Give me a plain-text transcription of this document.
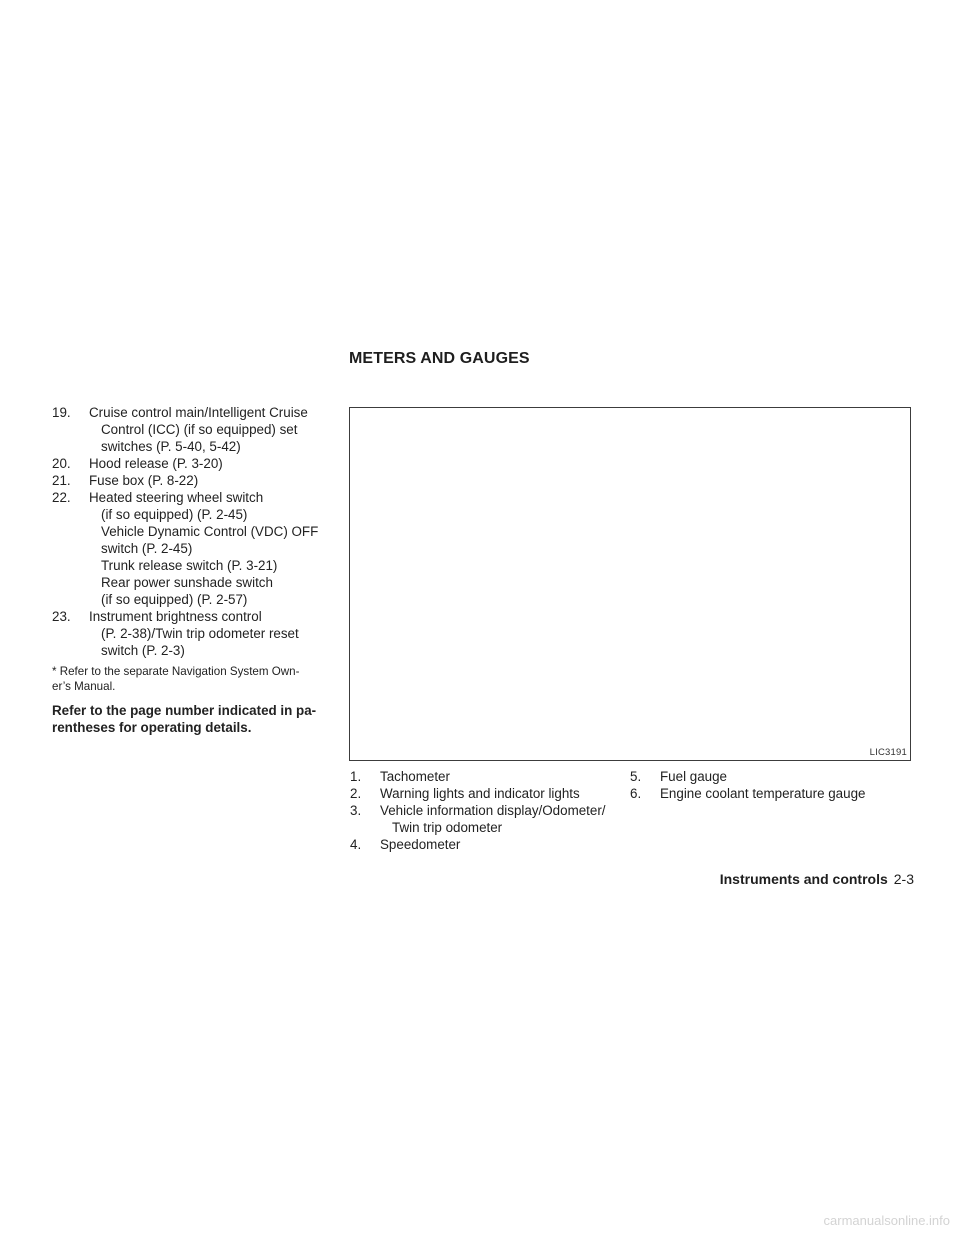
METERS AND GAUGES
19. Cruise control main/Intelligent Cruise
Control (ICC) (if so equipped) set
switches (P. 5-40, 5-42)
20. Hood release (P. 3-20)
21. Fuse box (P. 8-22)
22. Heated steering wheel switch
(if so equipped) (P. 2-45)
Vehicle Dynamic Control (VDC) OFF
switch (P. 2-45)
Trunk release switch (P. 3-21)
Rear power sunshade switch
(if so equipped) (P. 2-57)
23. Instrument brightness control
(P. 2-38)/Twin trip odometer reset
switch (P. 2-3)
* Refer to the separate Navigation System Own-
er’s Manual.
Refer to the page number indicated in pa-
rentheses for operating details.
LIC3191
1. Tachometer
2. Warning lights and indicator lights
3. Vehicle information display/Odometer/
Twin trip odometer
4. Speedometer
5. Fuel gauge
6. Engine coolant temperature gauge
Instruments and controls 2-3
carmanualsonline.info
